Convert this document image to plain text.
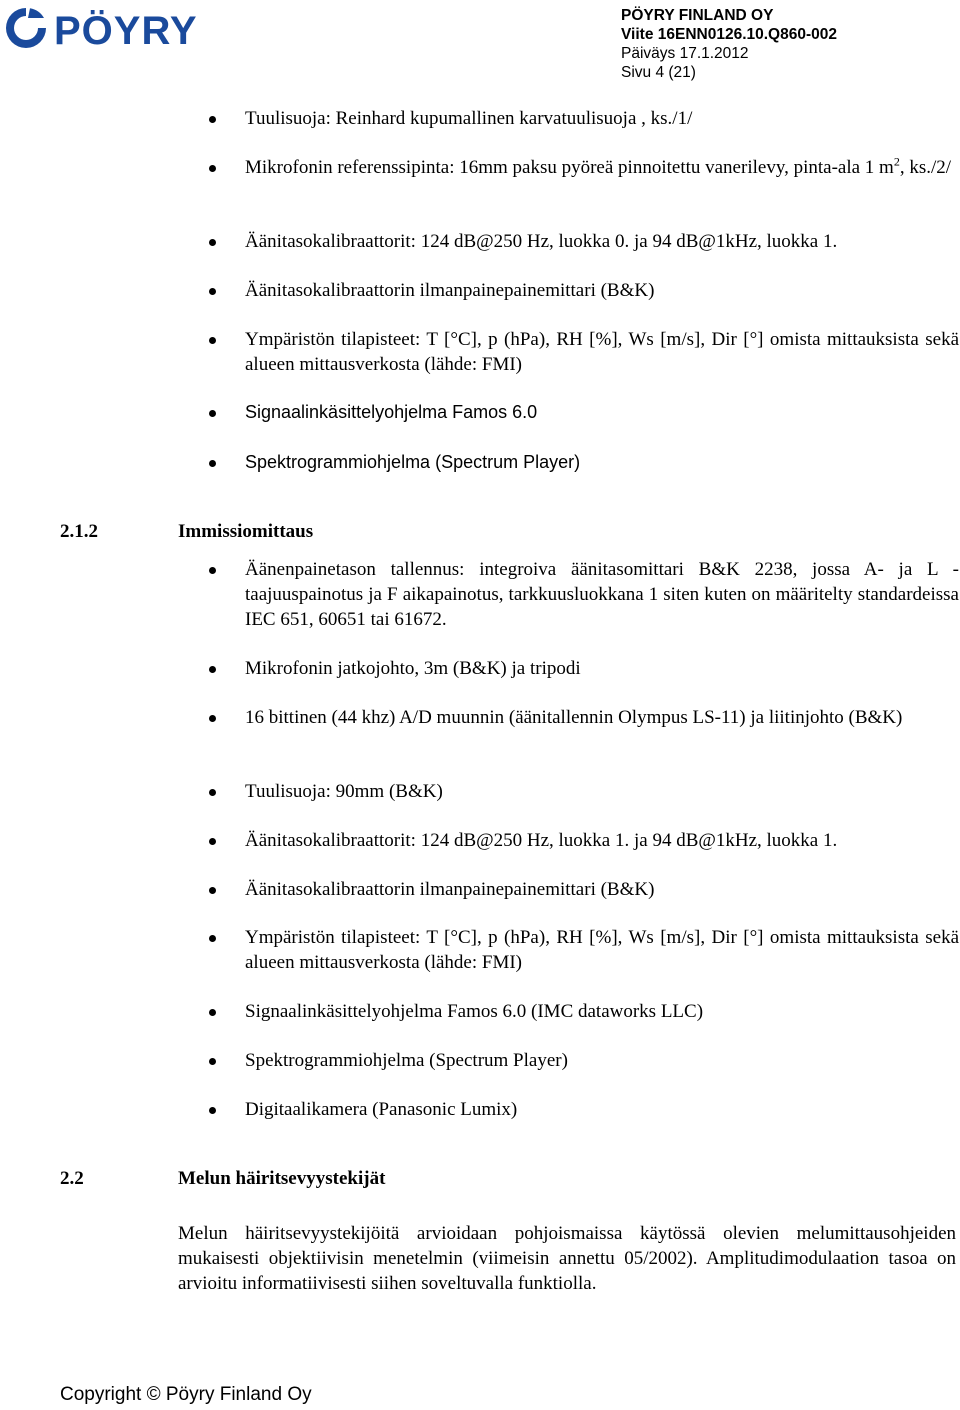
PÖYRY	PÖYRY FINLAND OY
Viite 16ENN0126.10.Q860-002
Päiväys 17.1.2012
Sivu 4 (21)
Tuulisuoja: Reinhard kupumallinen karvatuulisuoja , ks./1/
Mikrofonin referenssipinta: 16mm paksu pyöreä pinnoitettu vanerilevy, pinta-ala 1 $m^2$, ks./2/
Äänitasokalibraattorit: 124 dB@250 Hz, luokka 0. ja 94 dB@1kHz, luokka 1.
Äänitasokalibraattorin ilmanpainepainemittari (B&K)
Ympäristön tilapisteet: T [°C], p (hPa), RH [%], Ws [m/s], Dir [°] omista mittauksista sekä alueen mittausverkosta (lähde: FMI)
Signaalinkäsittelyohjelma Famos 6.0
Spektrogrammiohjelma (Spectrum Player)
2.1.2	Immissiomittaus
Äänenpainetason tallennus: integroiva äänitasomittari B&K 2238, jossa A- ja L - taajuuspainotus ja F aikapainotus, tarkkuusluokkana 1 siten kuten on määritelty standardeissa IEC 651, 60651 tai 61672.
Mikrofonin jatkojohto, 3m (B&K) ja tripodi
16 bittinen (44 khz) A/D muunnin (äänitallennin Olympus LS-11) ja liitinjohto (B&K)
Tuulisuoja: 90mm (B&K)
Äänitasokalibraattorit: 124 dB@250 Hz, luokka 1. ja 94 dB@1kHz, luokka 1.
Äänitasokalibraattorin ilmanpainepainemittari (B&K)
Ympäristön tilapisteet: T [°C], p (hPa), RH [%], Ws [m/s], Dir [°] omista mittauksista sekä alueen mittausverkosta (lähde: FMI)
Signaalinkäsittelyohjelma Famos 6.0 (IMC dataworks LLC)
Spektrogrammiohjelma (Spectrum Player)
Digitaalikamera (Panasonic Lumix)
2.2	Melun häiritsevyystekijät

Melun häiritsevyystekijöitä arvioidaan pohjoismaissa käytössä olevien melumittausohjeiden mukaisesti objektiivisin menetelmin (viimeisin annettu 05/2002). Amplitudimodulaation tasoa on arvioitu informatiivisesti siihen soveltuvalla funktiolla.

Copyright © Pöyry Finland Oy
